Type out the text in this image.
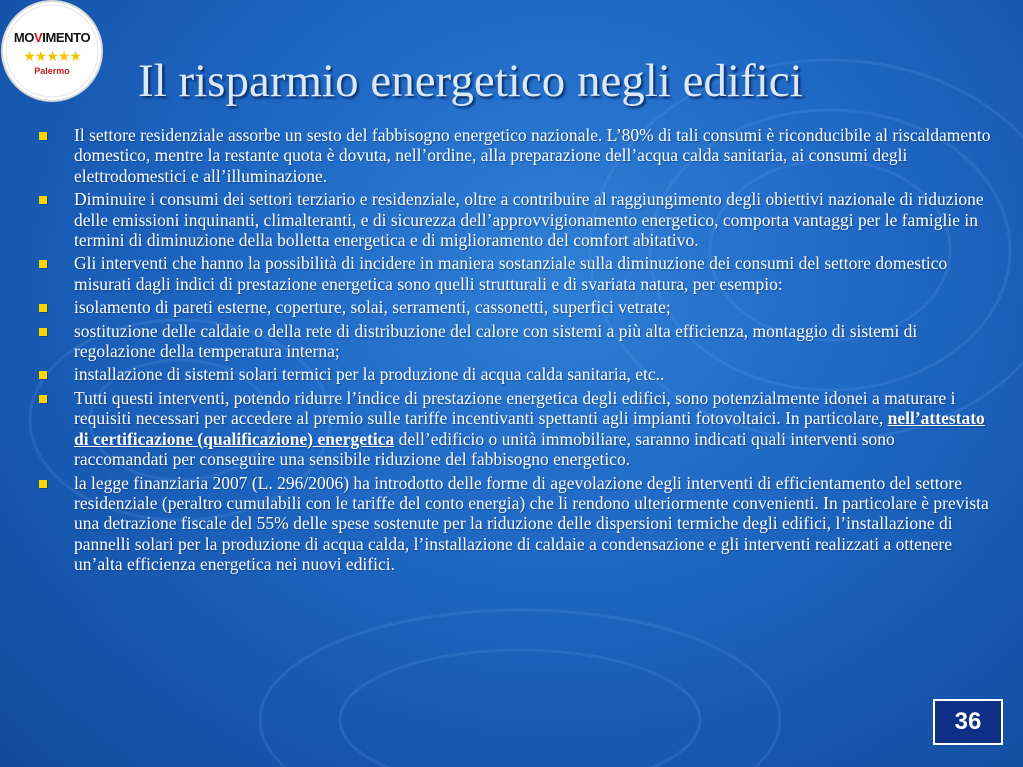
MOVIMENTO
★★★★★
Palermo	Il risparmio energetico negli edifici
Il settore residenziale assorbe un sesto del fabbisogno energetico nazionale. L’80% di tali consumi è riconducibile al riscaldamento domestico, mentre la restante quota è dovuta, nell’ordine, alla preparazione dell’acqua calda sanitaria, ai consumi degli elettrodomestici e all’illuminazione.
Diminuire i consumi dei settori terziario e residenziale, oltre a contribuire al raggiungimento degli obiettivi nazionale di riduzione delle emissioni inquinanti, climalteranti, e di sicurezza dell’approvvigionamento energetico, comporta vantaggi per le famiglie in termini di diminuzione della bolletta energetica e di miglioramento del comfort abitativo.
Gli interventi che hanno la possibilità di incidere in maniera sostanziale sulla diminuzione dei consumi del settore domestico misurati dagli indici di prestazione energetica sono quelli strutturali e di svariata natura, per esempio:
isolamento di pareti esterne, coperture, solai, serramenti, cassonetti, superfici vetrate;
sostituzione delle caldaie o della rete di distribuzione del calore con sistemi a più alta efficienza, montaggio di sistemi di regolazione della temperatura interna;
installazione di sistemi solari termici per la produzione di acqua calda sanitaria, etc..
Tutti questi interventi, potendo ridurre l’indice di prestazione energetica degli edifici, sono potenzialmente idonei a maturare i requisiti necessari per accedere al premio sulle tariffe incentivanti spettanti agli impianti fotovoltaici. In particolare, nell’attestato di certificazione (qualificazione) energetica dell’edificio o unità immobiliare, saranno indicati quali interventi sono raccomandati per conseguire una sensibile riduzione del fabbisogno energetico.
la legge finanziaria 2007 (L. 296/2006) ha introdotto delle forme di agevolazione degli interventi di efficientamento del settore residenziale (peraltro cumulabili con le tariffe del conto energia) che li rendono ulteriormente convenienti. In particolare è prevista una detrazione fiscale del 55% delle spese sostenute per la riduzione delle dispersioni termiche degli edifici, l’installazione di pannelli solari per la produzione di acqua calda, l’installazione di caldaie a condensazione e gli interventi realizzati a ottenere un’alta efficienza energetica nei nuovi edifici.
36
